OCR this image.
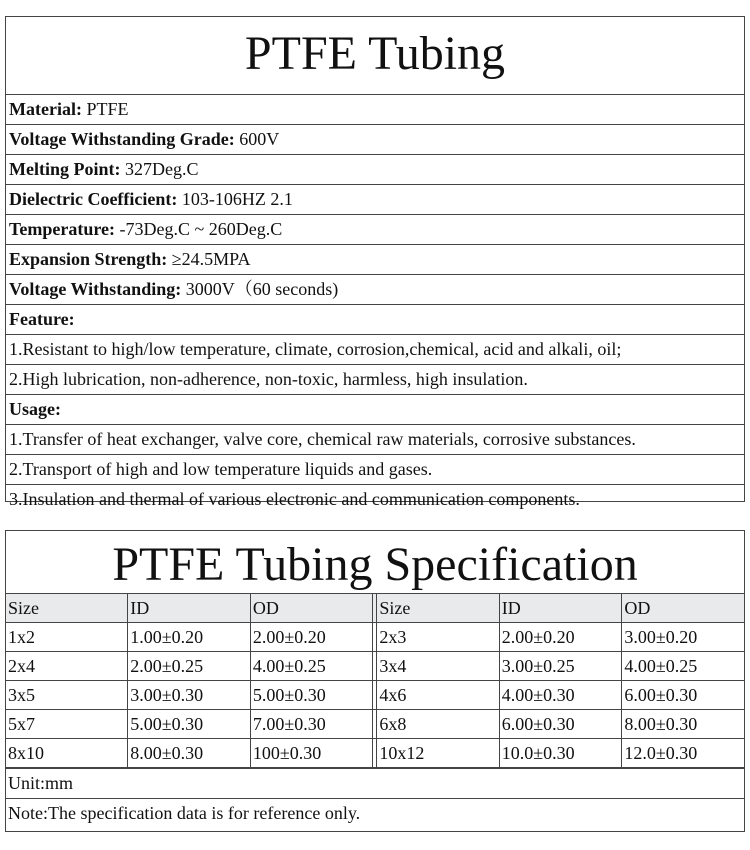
PTFE Tubing
Material: PTFE
Voltage Withstanding Grade: 600V
Melting Point: 327Deg.C
Dielectric Coefficient: 103-106HZ 2.1
Temperature: -73Deg.C ~ 260Deg.C
Expansion Strength: ≥24.5MPA
Voltage Withstanding: 3000V（60 seconds)
Feature:
1.Resistant to high/low temperature, climate, corrosion,chemical, acid and alkali, oil;
2.High lubrication, non-adherence, non-toxic, harmless, high insulation.
Usage:
1.Transfer of heat exchanger, valve core, chemical raw materials, corrosive substances.
2.Transport of high and low temperature liquids and gases.
3.Insulation and thermal of various electronic and communication components.
PTFE Tubing Specification
Size	ID	OD		Size	ID	OD
1x2	1.00±0.20	2.00±0.20		2x3	2.00±0.20	3.00±0.20
2x4	2.00±0.25	4.00±0.25		3x4	3.00±0.25	4.00±0.25
3x5	3.00±0.30	5.00±0.30		4x6	4.00±0.30	6.00±0.30
5x7	5.00±0.30	7.00±0.30		6x8	6.00±0.30	8.00±0.30
8x10	8.00±0.30	100±0.30		10x12	10.0±0.30	12.0±0.30
Unit:mm
Note:The specification data is for reference only.
